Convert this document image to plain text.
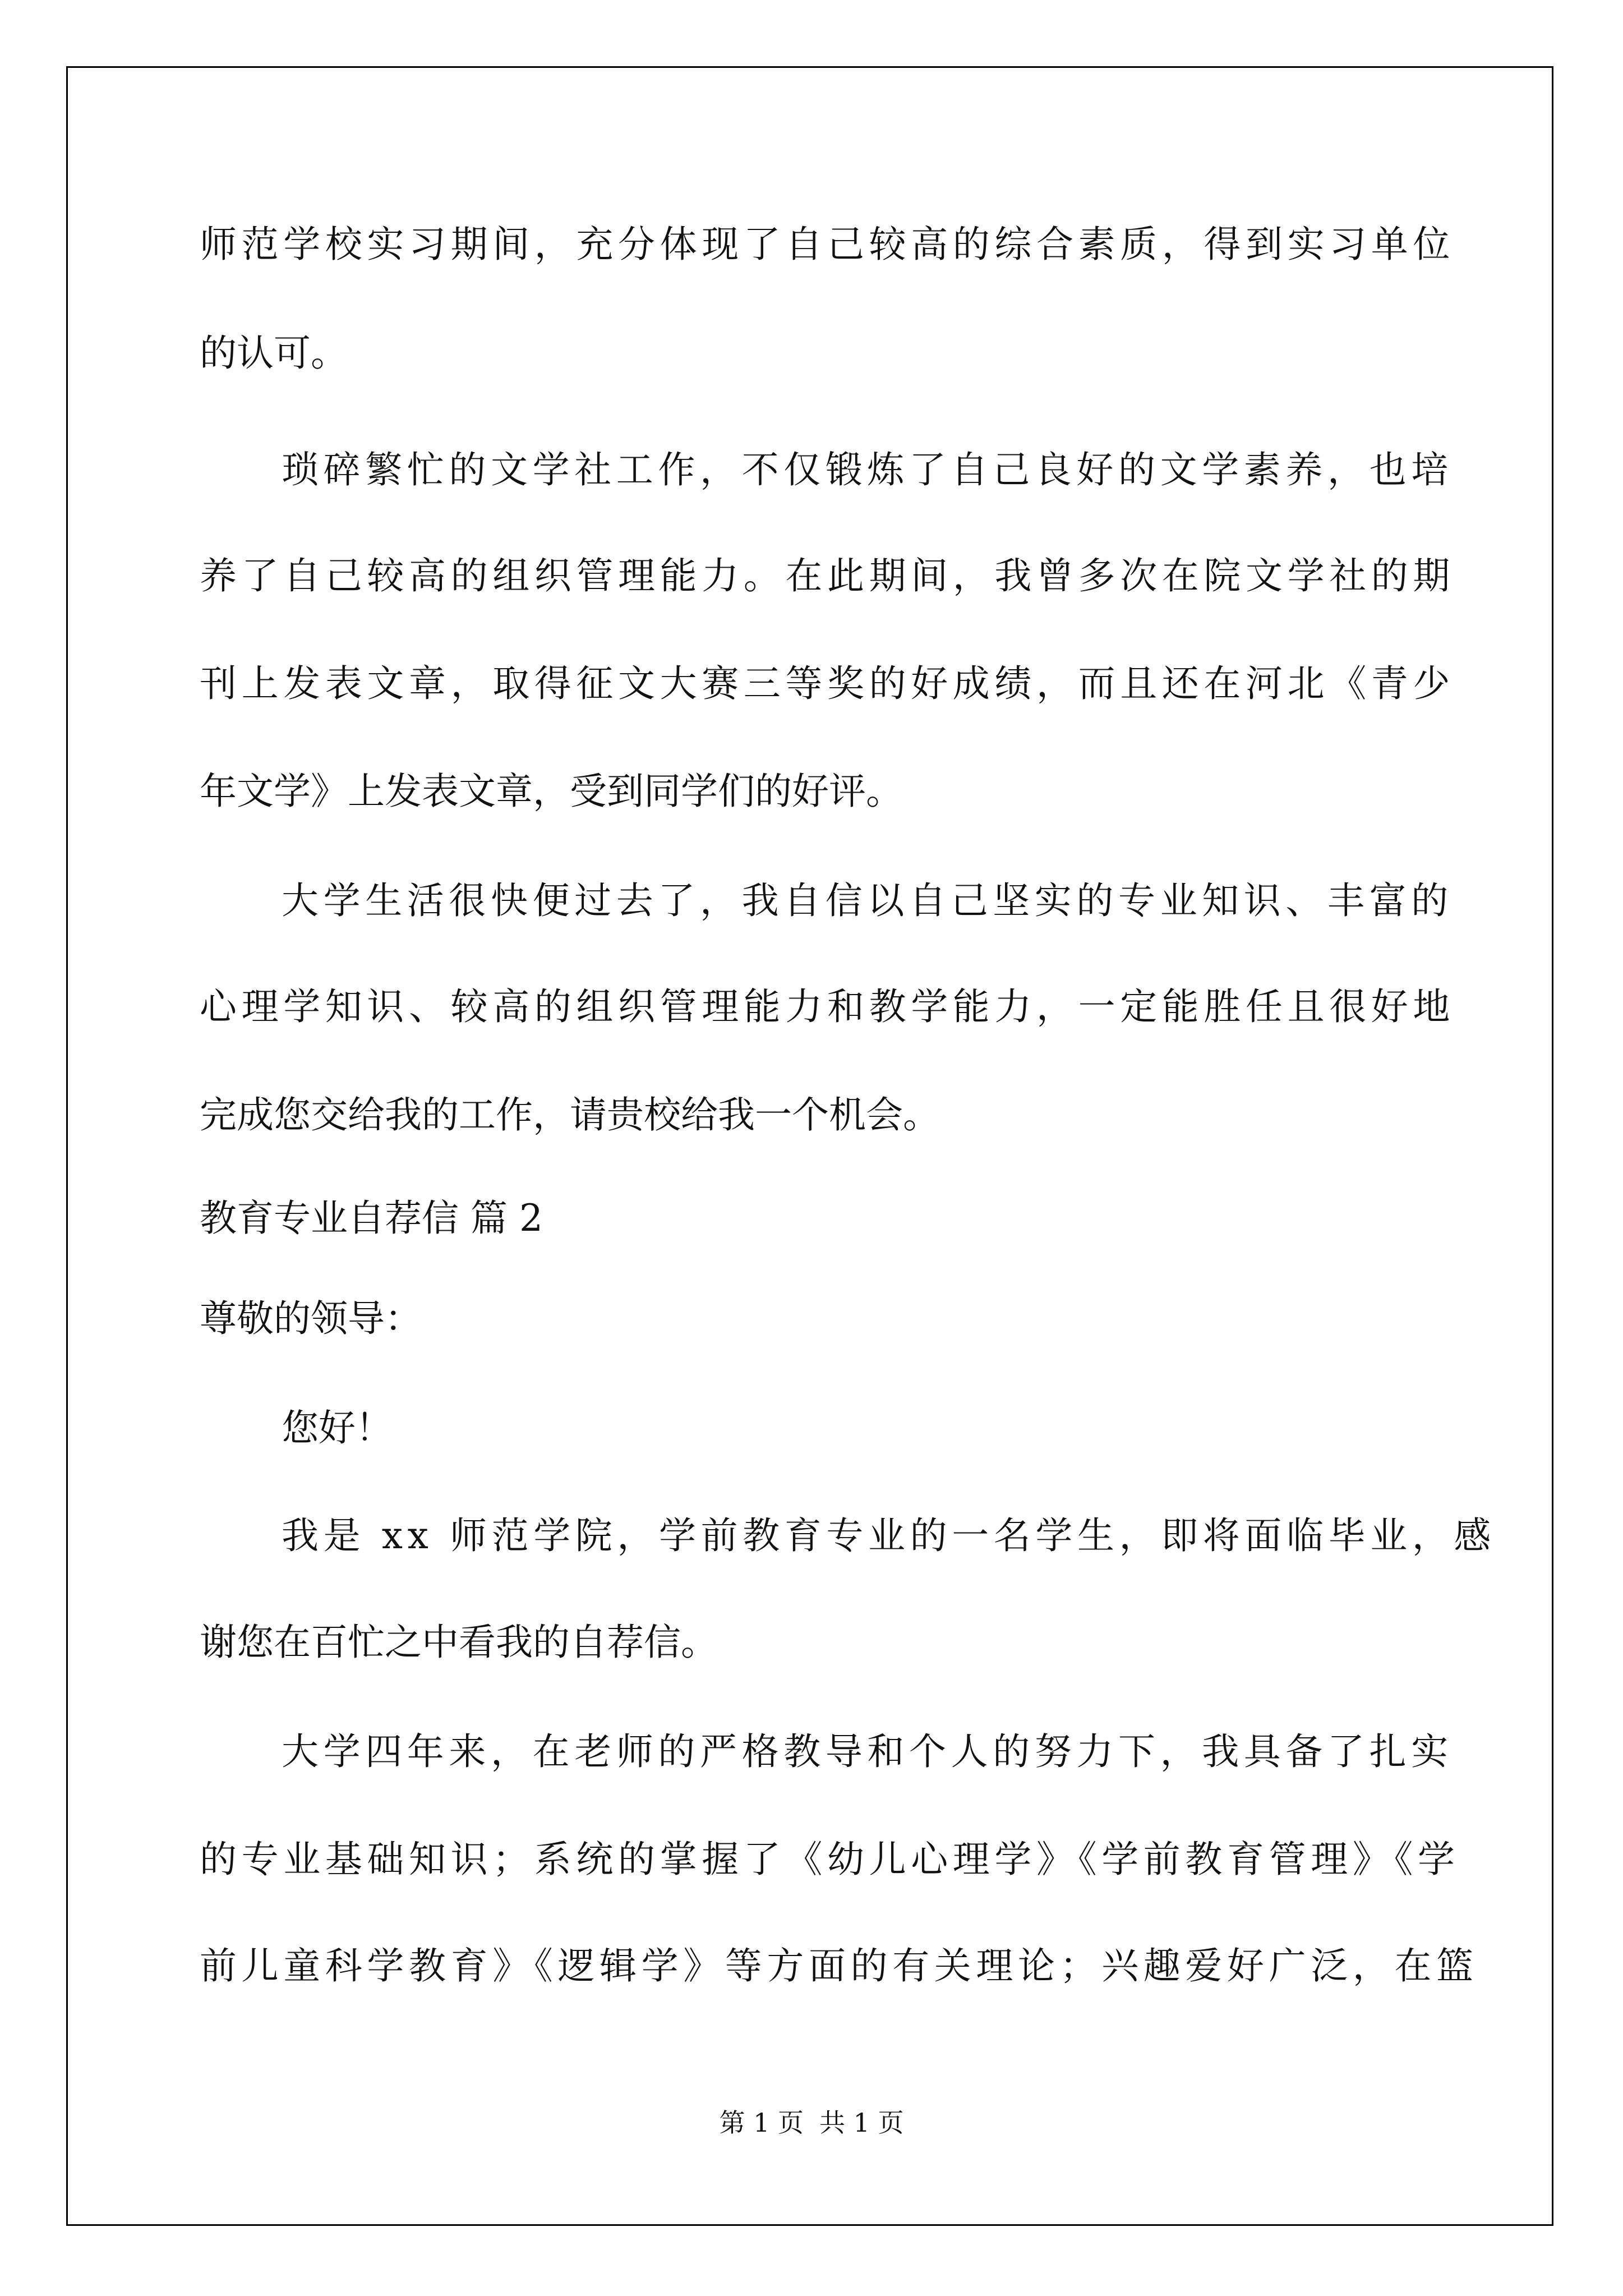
师范学校实习期间，充分体现了自己较高的综合素质，得到实习单位
的认可。
琐碎繁忙的文学社工作，不仅锻炼了自己良好的文学素养，也培
养了自己较高的组织管理能力。在此期间，我曾多次在院文学社的期
刊上发表文章，取得征文大赛三等奖的好成绩，而且还在河北《青少
年文学》上发表文章，受到同学们的好评。
大学生活很快便过去了，我自信以自己坚实的专业知识、丰富的
心理学知识、较高的组织管理能力和教学能力，一定能胜任且很好地
完成您交给我的工作，请贵校给我一个机会。
教育专业自荐信 篇 2
尊敬的领导：
您好！
我是 xx 师范学院，学前教育专业的一名学生，即将面临毕业，感
谢您在百忙之中看我的自荐信。
大学四年来，在老师的严格教导和个人的努力下，我具备了扎实
的专业基础知识；系统的掌握了《幼儿心理学》《学前教育管理》《学
前儿童科学教育》《逻辑学》等方面的有关理论；兴趣爱好广泛，在篮
第 1 页 共 1 页
